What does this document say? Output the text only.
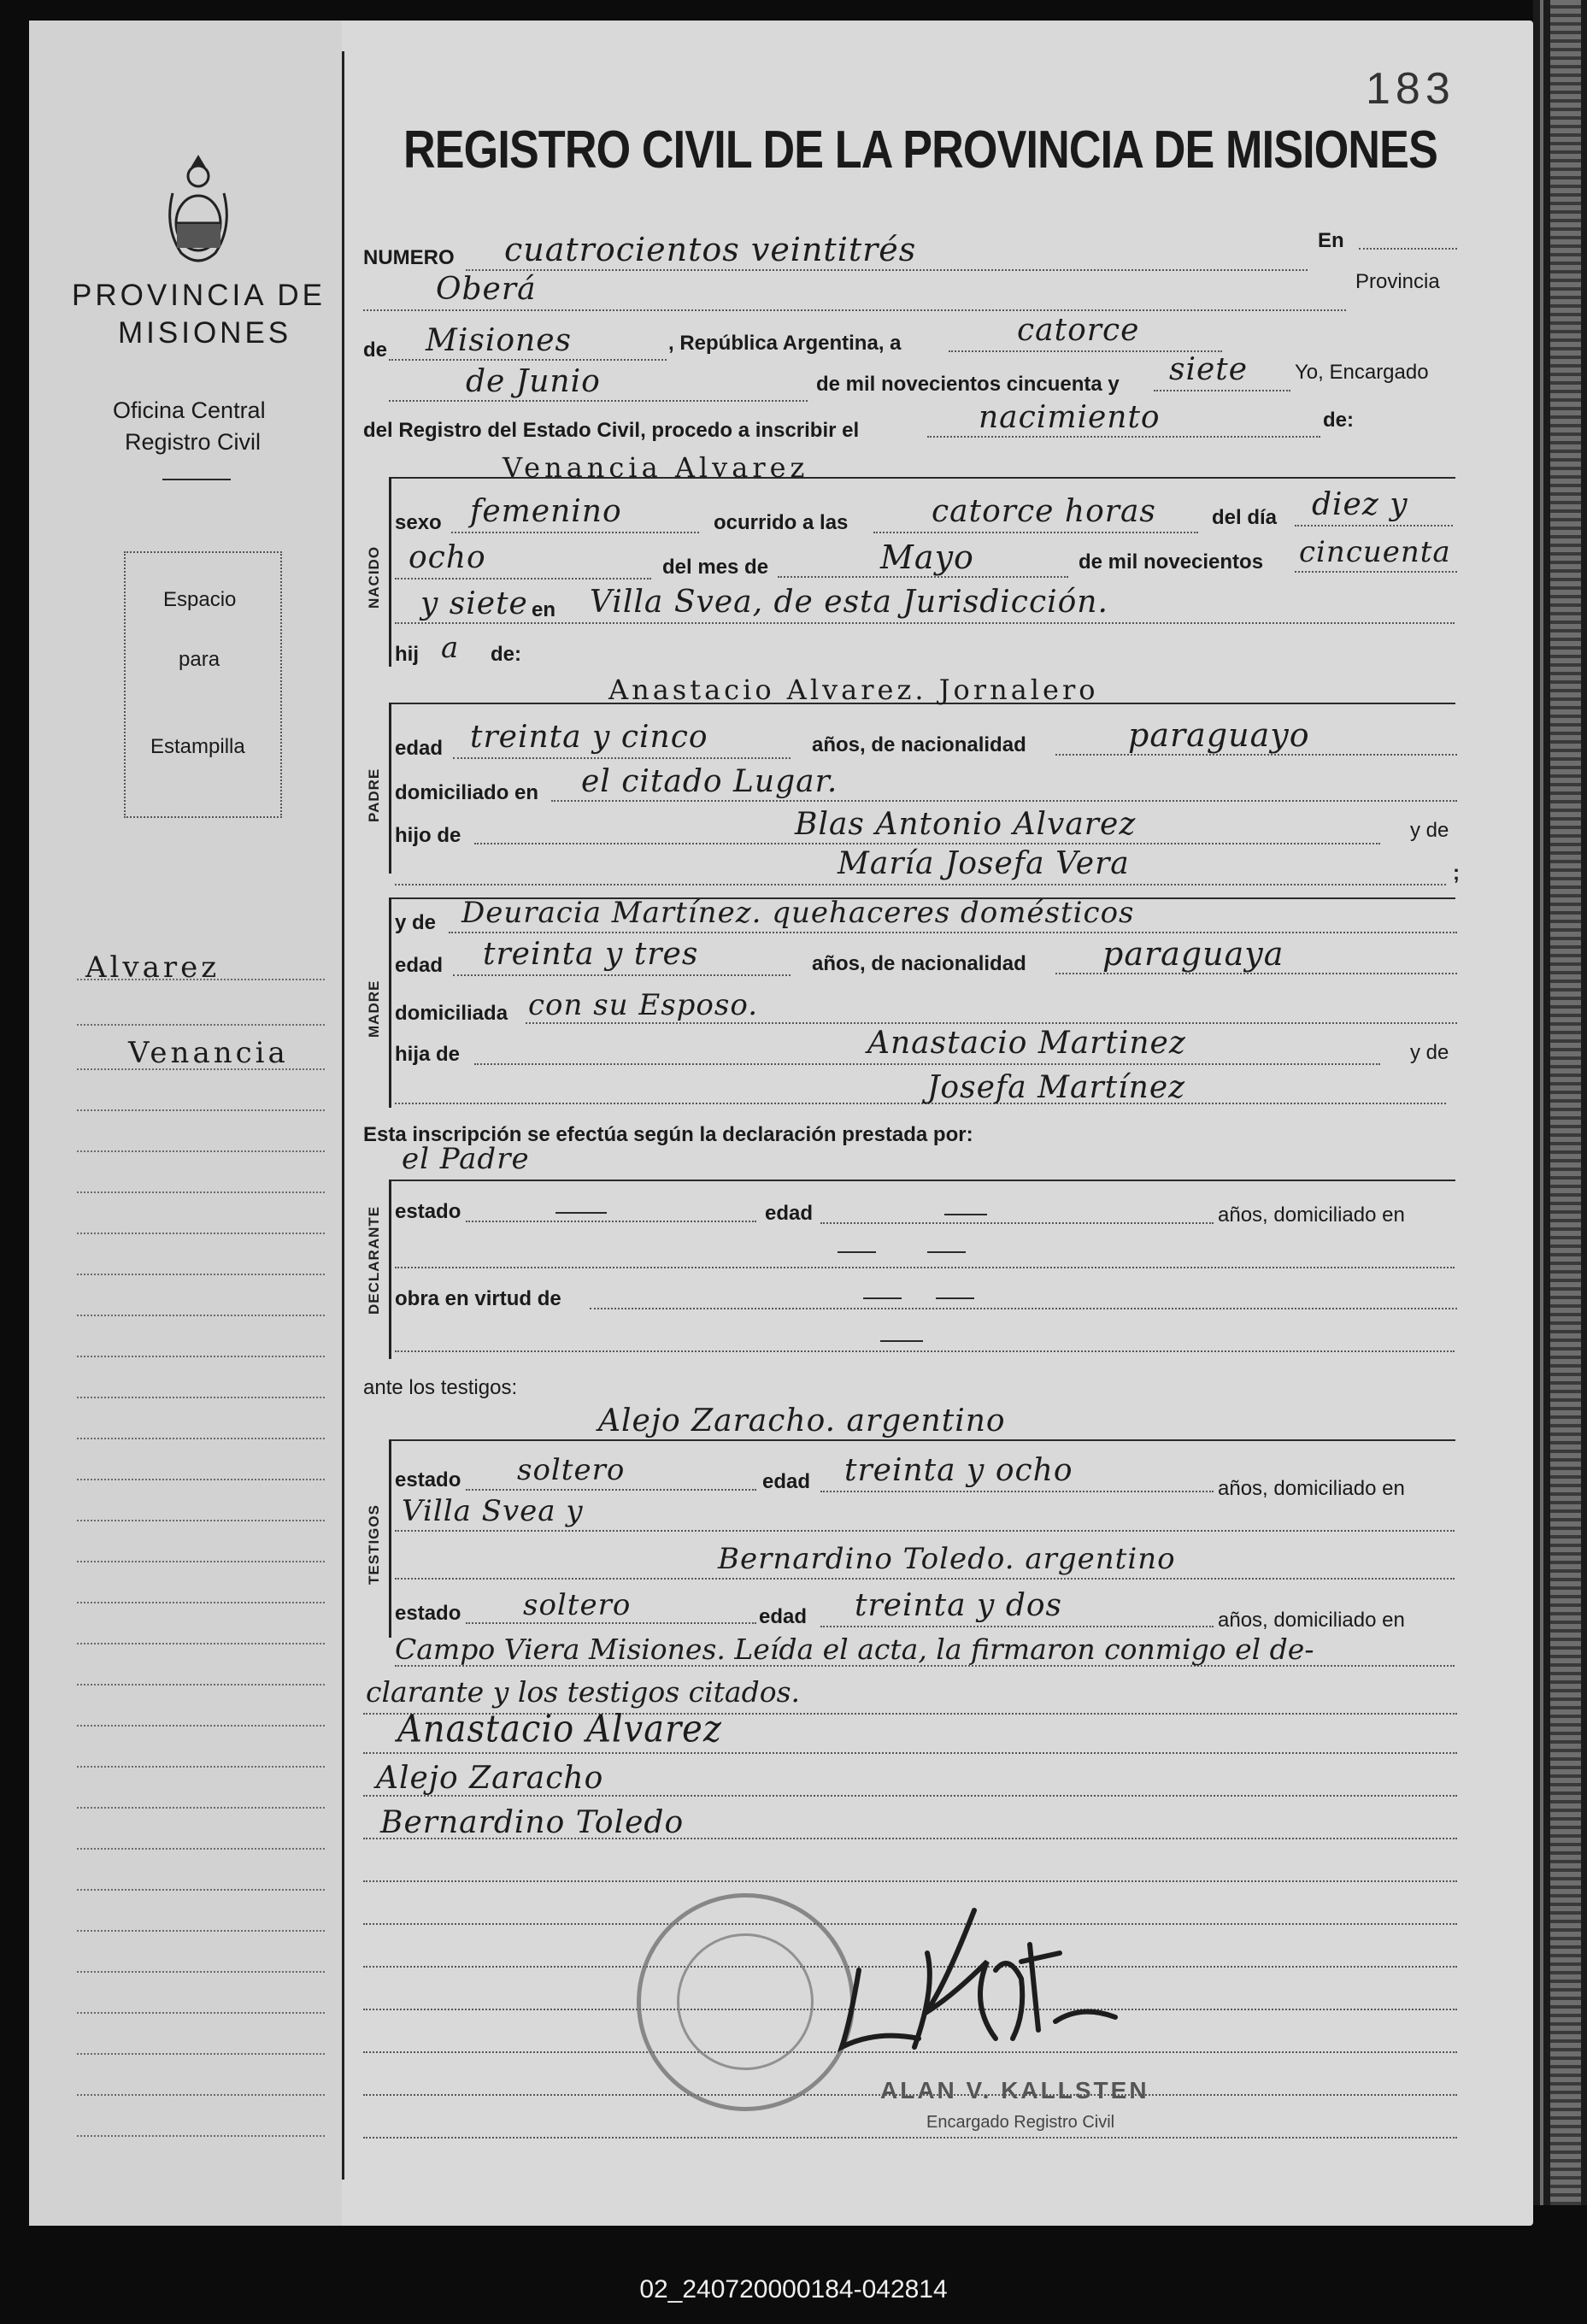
183
REGISTRO CIVIL DE LA PROVINCIA DE MISIONES
PROVINCIA DE
MISIONES
Oficina Central
Registro Civil
Espacio
para
Estampilla
Alvarez
Venancia
NUMERO cuatrocientos veintitrés	En
Oberá	Provincia
de Misiones	, República Argentina, a	catorce
de Junio	de mil novecientos cincuenta y siete Yo, Encargado
del Registro del Estado Civil, procedo a inscribir el	nacimiento	de:
NACIDO
Venancia Alvarez
sexo femenino	ocurrido a las	catorce horas	del día diez y
ocho	del mes de	Mayo	de mil novecientos cincuenta
y siete en Villa Svea, de esta Jurisdicción.
hij a de:
PADRE
Anastacio Alvarez. Jornalero
edad treinta y cinco	años, de nacionalidad	paraguayo
domiciliado en el citado Lugar.
hijo de	Blas Antonio Alvarez	y de
María Josefa Vera	;
MADRE
y de Deuracia Martínez. quehaceres domésticos
edad treinta y tres	años, de nacionalidad paraguaya
domiciliada con su Esposo.
hija de	Anastacio Martinez	y de
Josefa Martínez
Esta inscripción se efectúa según la declaración prestada por:
el Padre
DECLARANTE estado	edad	años, domiciliado en
obra en virtud de
ante los testigos:
TESTIGOS
Alejo Zaracho. argentino
estado soltero	edad treinta y ocho
años, domiciliado en
Villa Svea y
Bernardino Toledo. argentino
estado soltero	edad treinta y dos	años, domiciliado en
Campo Viera Misiones. Leída el acta, la firmaron conmigo el de-
clarante y los testigos citados.
Anastacio Alvarez
Alejo Zaracho
Bernardino Toledo
ALAN V. KALLSTEN
Encargado Registro Civil
02_240720000184-042814
